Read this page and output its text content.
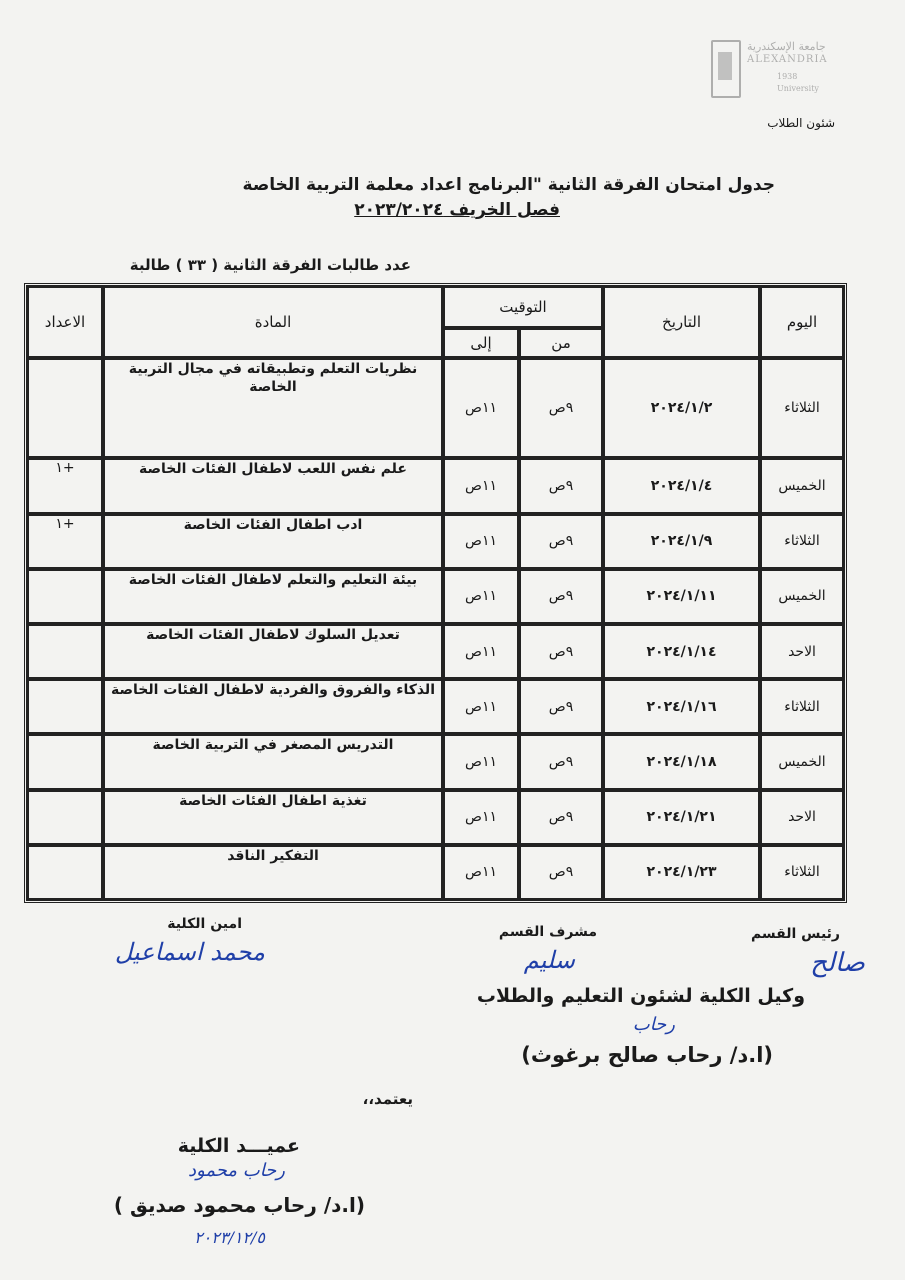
جامعة الإسكندرية
ALEXANDRIA
1938
University
شئون الطلاب
جدول امتحان الفرقة الثانية "البرنامج اعداد معلمة التربية الخاصة
فصل الخريف ٢٠٢٣/٢٠٢٤
عدد طالبات الفرقة الثانية ( ٣٣ ) طالبة
اليوم	التاريخ	التوقيت		المادة	الاعداد
		من	إلى		
الثلاثاء	٢٠٢٤/١/٢	٩ص	١١ص	نظريات التعلم وتطبيقاته في مجال التربية الخاصة	
الخميس	٢٠٢٤/١/٤	٩ص	١١ص	علم نفس اللعب لاطفال الفئات الخاصة	+١
الثلاثاء	٢٠٢٤/١/٩	٩ص	١١ص	ادب اطفال الفئات الخاصة	+١
الخميس	٢٠٢٤/١/١١	٩ص	١١ص	بيئة التعليم والتعلم لاطفال الفئات الخاصة	
الاحد	٢٠٢٤/١/١٤	٩ص	١١ص	تعديل السلوك لاطفال الفئات الخاصة	
الثلاثاء	٢٠٢٤/١/١٦	٩ص	١١ص	الذكاء والفروق والفردية لاطفال الفئات الخاصة	
الخميس	٢٠٢٤/١/١٨	٩ص	١١ص	التدريس المصغر في التربية الخاصة	
الاحد	٢٠٢٤/١/٢١	٩ص	١١ص	تغذية اطفال الفئات الخاصة	
الثلاثاء	٢٠٢٤/١/٢٣	٩ص	١١ص	التفكير الناقد	
رئيس القسم
صالح
مشرف القسم
سليم
امين الكلية
محمد اسماعيل
وكيل الكلية لشئون التعليم والطلاب
رحاب
(ا.د/ رحاب صالح برغوث)
يعتمد،،
عميـــد الكلية
رحاب محمود
(ا.د/ رحاب محمود صديق )
٢٠٢٣/١٢/٥
